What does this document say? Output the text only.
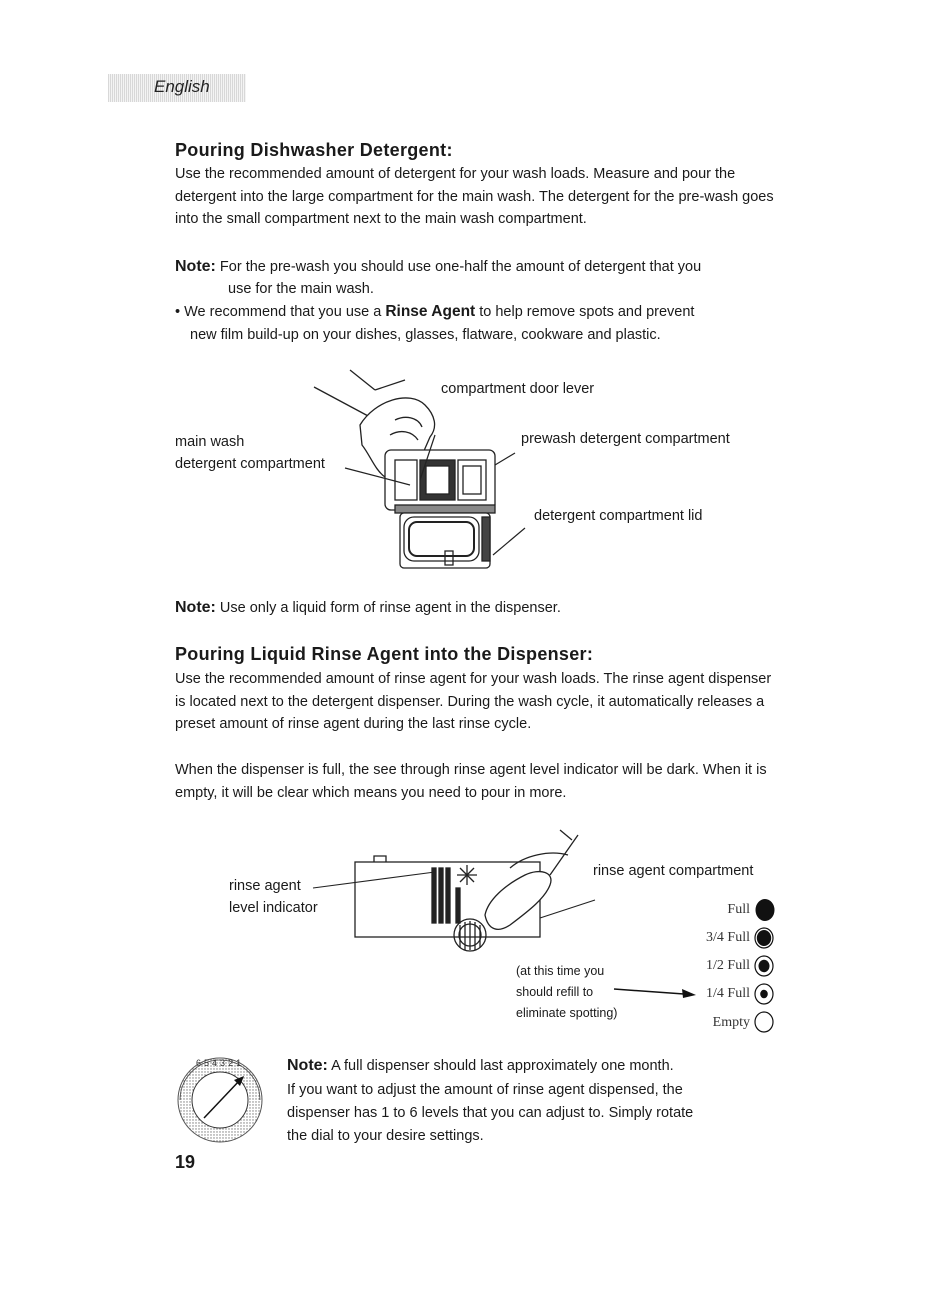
English
Pouring Dishwasher Detergent:

Use the recommended amount of detergent for your wash loads. Measure and pour the detergent into the large compartment for the main wash. The detergent for the pre-wash goes into the small compartment next to the main wash compartment.

Note: For the pre-wash you should use one-half the amount of detergent that you
use for the main wash.
• We recommend that you use a Rinse Agent to help remove spots and prevent
new film build-up on your dishes, glasses, flatware, cookware and plastic.
compartment door lever
main wash
detergent compartment
prewash detergent compartment
detergent compartment lid
Note: Use only a liquid form of rinse agent in the dispenser.
Pouring Liquid Rinse Agent into the Dispenser:

Use the recommended amount of rinse agent for your wash loads. The rinse agent dispenser is located next to the detergent dispenser. During the wash cycle, it automatically releases a preset amount of rinse agent during the last rinse cycle.

When the dispenser is full, the see through rinse agent level indicator will be dark. When it is empty, it will be clear which means you need to pour in more.

rinse agent
level indicator
rinse agent compartment
(at this time you
should refill to
eliminate spotting)
Full
3/4 Full
1/2 Full
1/4 Full
Empty
654321	Note: A full dispenser should last approximately one month.
If you want to adjust the amount of rinse agent dispensed, the
dispenser has 1 to 6 levels that you can adjust to. Simply rotate
the dial to your desire settings.
19
